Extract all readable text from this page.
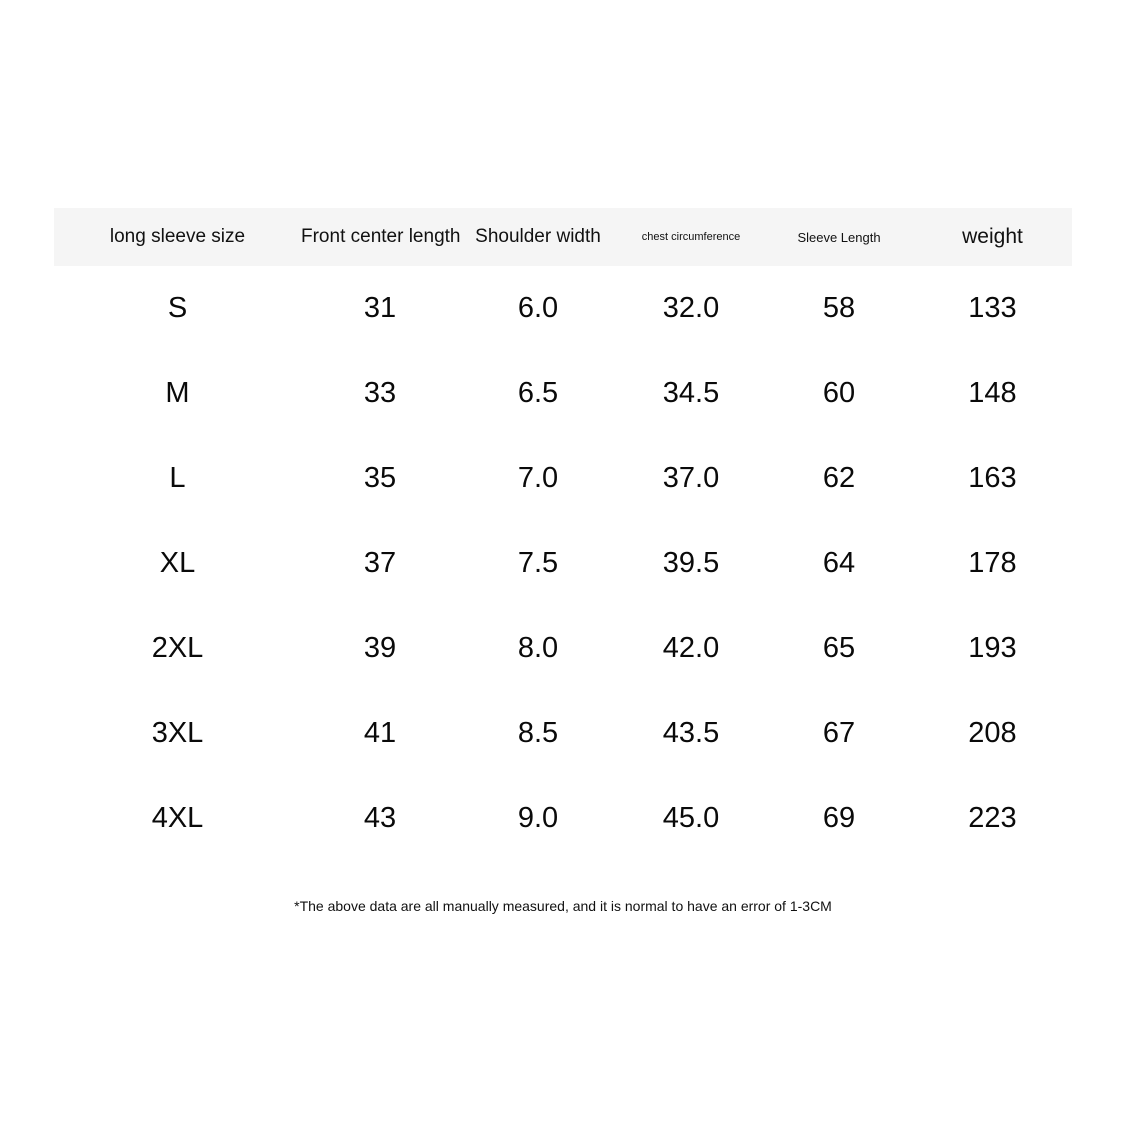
long sleeve size	Front center length	Shoulder width	chest circumference	Sleeve Length	weight
S	31	6.0	32.0	58	133
M	33	6.5	34.5	60	148
L	35	7.0	37.0	62	163
XL	37	7.5	39.5	64	178
2XL	39	8.0	42.0	65	193
3XL	41	8.5	43.5	67	208
4XL	43	9.0	45.0	69	223
*The above data are all manually measured, and it is normal to have an error of 1-3CM
